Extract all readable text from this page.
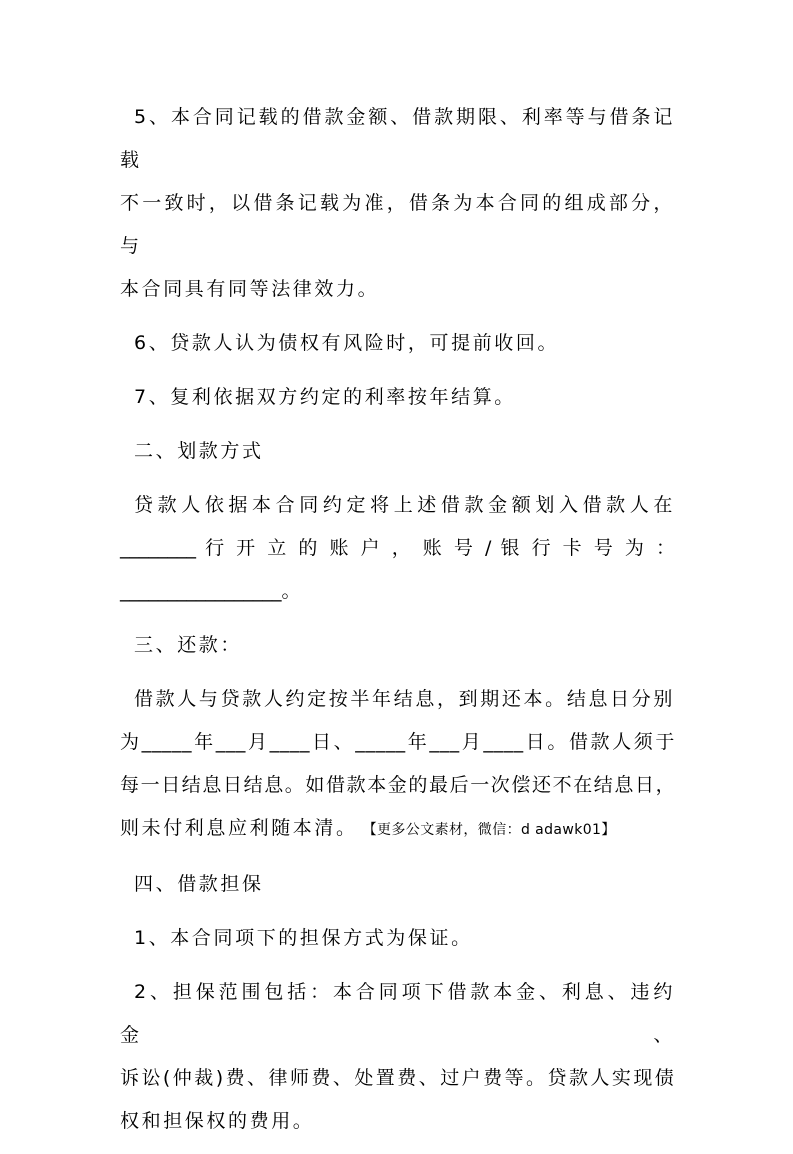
5、本合同记载的借款金额、借款期限、利率等与借条记载
不一致时，以借条记载为准，借条为本合同的组成部分，与
本合同具有同等法律效力。
6、贷款人认为债权有风险时，可提前收回。
7、复利依据双方约定的利率按年结算。
二、划款方式
贷款人依据本合同约定将上述借款金额划入借款人在
________ 行 开 立 的 账 户 ， 账 号 / 银 行 卡 号 为 ：
_________________。
三、还款：
借款人与贷款人约定按半年结息，到期还本。结息日分别
为_____年___月____日、_____年___月____日。借款人须于
每一日结息日结息。如借款本金的最后一次偿还不在结息日，
则未付利息应利随本清。 【更多公文素材，微信：d adawk01】
四、借款担保
1、本合同项下的担保方式为保证。
2、担保范围包括：本合同项下借款本金、利息、违约金、
诉讼(仲裁)费、律师费、处置费、过户费等。贷款人实现债
权和担保权的费用。
